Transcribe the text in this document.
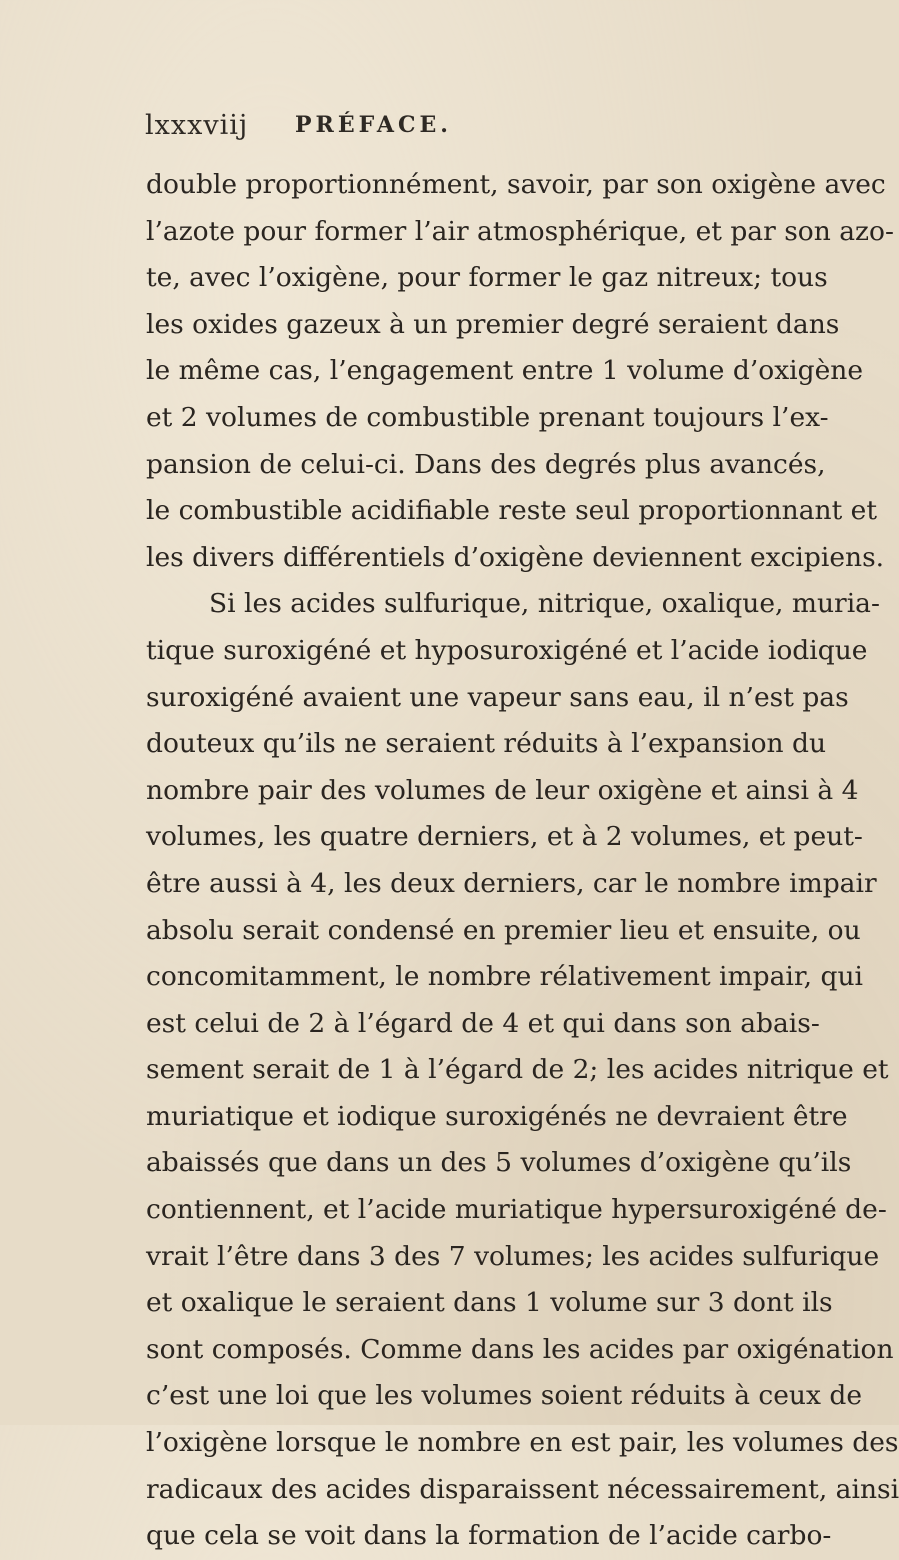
lxxxviij PRÉFACE.
double proportionnément, savoir, par son oxigène avec
l’azote pour former l’air atmosphérique, et par son azo-
te, avec l’oxigène, pour former le gaz nitreux; tous
les oxides gazeux à un premier degré seraient dans
le même cas, l’engagement entre 1 volume d’oxigène
et 2 volumes de combustible prenant toujours l’ex-
pansion de celui-ci. Dans des degrés plus avancés,
le combustible acidifiable reste seul proportionnant et
les divers différentiels d’oxigène deviennent excipiens.
Si les acides sulfurique, nitrique, oxalique, muria-
tique suroxigéné et hyposuroxigéné et l’acide iodique
suroxigéné avaient une vapeur sans eau, il n’est pas
douteux qu’ils ne seraient réduits à l’expansion du
nombre pair des volumes de leur oxigène et ainsi à 4
volumes, les quatre derniers, et à 2 volumes, et peut-
être aussi à 4, les deux derniers, car le nombre impair
absolu serait condensé en premier lieu et ensuite, ou
concomitamment, le nombre rélativement impair, qui
est celui de 2 à l’égard de 4 et qui dans son abais-
sement serait de 1 à l’égard de 2; les acides nitrique et
muriatique et iodique suroxigénés ne devraient être
abaissés que dans un des 5 volumes d’oxigène qu’ils
contiennent, et l’acide muriatique hypersuroxigéné de-
vrait l’être dans 3 des 7 volumes; les acides sulfurique
et oxalique le seraient dans 1 volume sur 3 dont ils
sont composés. Comme dans les acides par oxigénation
c’est une loi que les volumes soient réduits à ceux de
l’oxigène lorsque le nombre en est pair, les volumes des
radicaux des acides disparaissent nécessairement, ainsi
que cela se voit dans la formation de l’acide carbo-
